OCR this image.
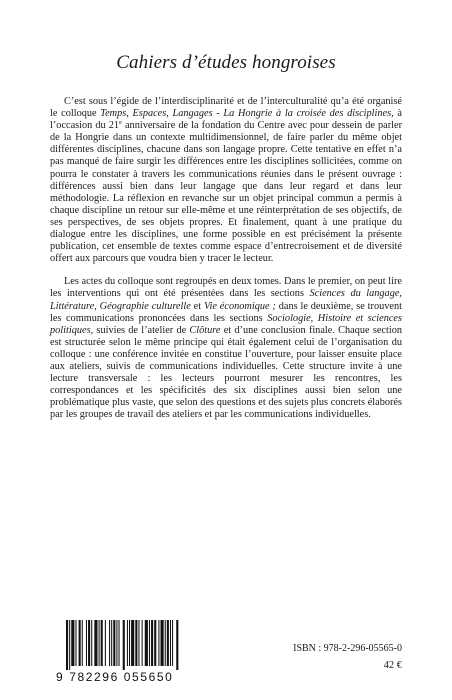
Cahiers d’études hongroises

C’est sous l’égide de l’interdisciplinarité et de l’interculturalité qu’a été organisé le colloque Temps, Espaces, Langages - La Hongrie à la croisée des disciplines, à l’occasion du 21e anniversaire de la fondation du Centre avec pour dessein de parler de la Hongrie dans un contexte multidimensionnel, de faire parler du même objet différentes disciplines, chacune dans son langage propre. Cette tentative en effet n’a pas manqué de faire surgir les différences entre les disciplines sollicitées, comme on pourra le constater à travers les communications réunies dans le présent ouvrage : différences aussi bien dans leur langage que dans leur regard et dans leur méthodologie. La réflexion en revanche sur un objet principal commun a permis à chaque discipline un retour sur elle-même et une réinterprétation de ses objectifs, de ses perspectives, de ses objets propres. Et finalement, quant à une pratique du dialogue entre les disciplines, une forme possible en est précisément la présente publication, cet ensemble de textes comme espace d’entrecroisement et de diversité offert aux parcours que voudra bien y tracer le lecteur.

Les actes du colloque sont regroupés en deux tomes. Dans le premier, on peut lire les interventions qui ont été présentées dans les sections Sciences du langage, Littérature, Géographie culturelle et Vie économique ; dans le deuxième, se trouvent les communications prononcées dans les sections Sociologie, Histoire et sciences politiques, suivies de l’atelier de Clôture et d’une conclusion finale. Chaque section est structurée selon le même principe qui était également celui de l’organisation du colloque : une conférence invitée en constitue l’ouverture, pour laisser ensuite place aux ateliers, suivis de communications individuelles. Cette structure invite à une lecture transversale : les lecteurs pourront mesurer les rencontres, les correspondances et les spécificités des six disciplines aussi bien selon une problématique plus vaste, que selon des questions et des sujets plus concrets élaborés par les groupes de travail des ateliers et par les communications individuelles.

9 782296 055650
ISBN : 978-2-296-05565-0
42 €
